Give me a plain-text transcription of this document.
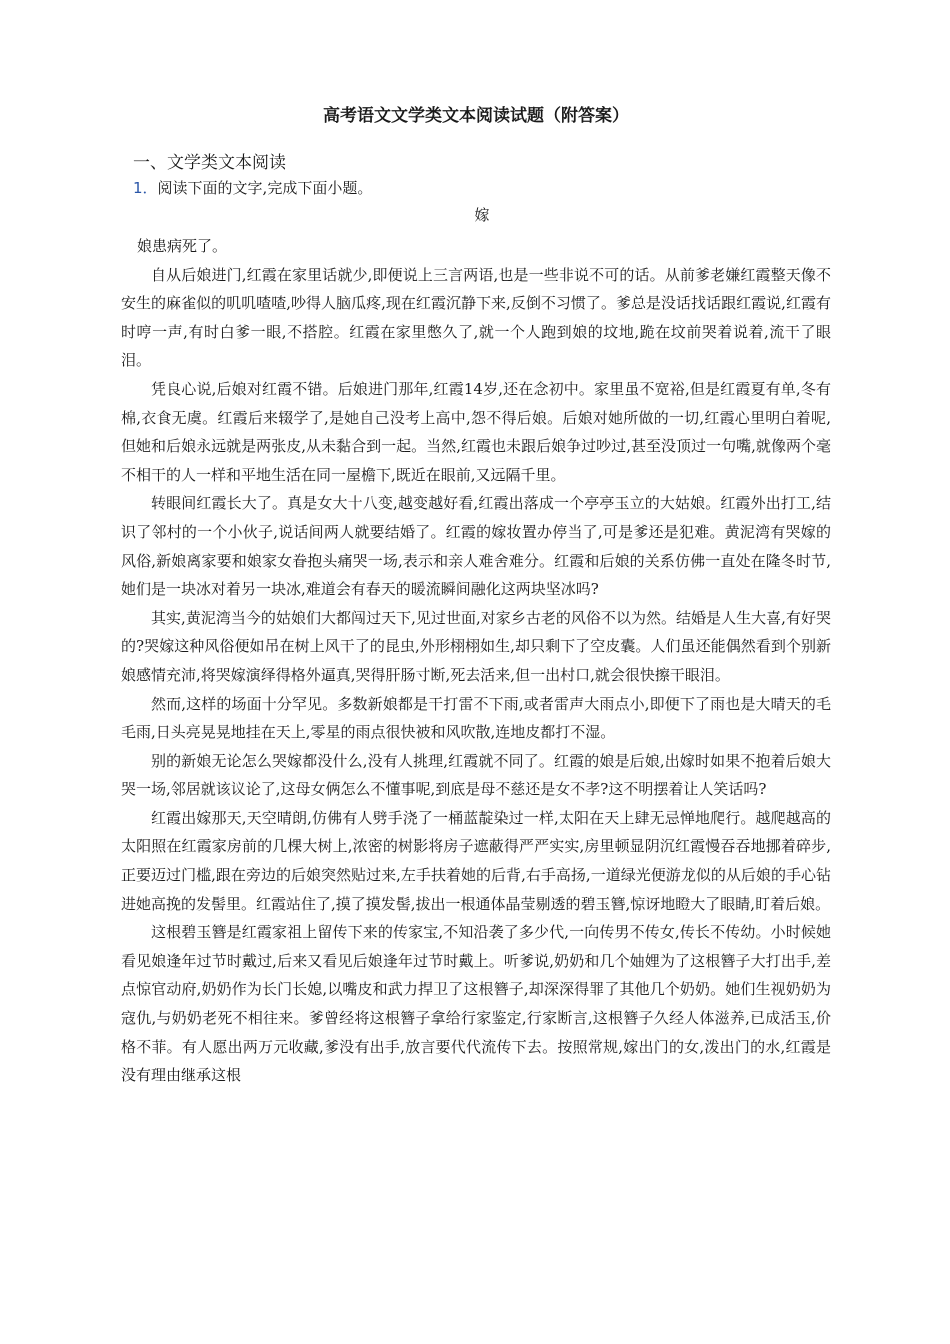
高考语文文学类文本阅读试题（附答案）
一、文学类文本阅读
1．阅读下面的文字,完成下面小题。
嫁

娘患病死了。

自从后娘进门,红霞在家里话就少,即便说上三言两语,也是一些非说不可的话。从前爹老嫌红霞整天像不安生的麻雀似的叽叽喳喳,吵得人脑瓜疼,现在红霞沉静下来,反倒不习惯了。爹总是没话找话跟红霞说,红霞有时哼一声,有时白爹一眼,不搭腔。红霞在家里憋久了,就一个人跑到娘的坟地,跪在坟前哭着说着,流干了眼泪。

凭良心说,后娘对红霞不错。后娘进门那年,红霞14岁,还在念初中。家里虽不宽裕,但是红霞夏有单,冬有棉,衣食无虞。红霞后来辍学了,是她自己没考上高中,怨不得后娘。后娘对她所做的一切,红霞心里明白着呢,但她和后娘永远就是两张皮,从未黏合到一起。当然,红霞也未跟后娘争过吵过,甚至没顶过一句嘴,就像两个毫不相干的人一样和平地生活在同一屋檐下,既近在眼前,又远隔千里。

转眼间红霞长大了。真是女大十八变,越变越好看,红霞出落成一个亭亭玉立的大姑娘。红霞外出打工,结识了邻村的一个小伙子,说话间两人就要结婚了。红霞的嫁妆置办停当了,可是爹还是犯难。黄泥湾有哭嫁的风俗,新娘离家要和娘家女眷抱头痛哭一场,表示和亲人难舍难分。红霞和后娘的关系仿佛一直处在隆冬时节,她们是一块冰对着另一块冰,难道会有春天的暖流瞬间融化这两块坚冰吗?

其实,黄泥湾当今的姑娘们大都闯过天下,见过世面,对家乡古老的风俗不以为然。结婚是人生大喜,有好哭的?哭嫁这种风俗便如吊在树上风干了的昆虫,外形栩栩如生,却只剩下了空皮囊。人们虽还能偶然看到个别新娘感情充沛,将哭嫁演绎得格外逼真,哭得肝肠寸断,死去活来,但一出村口,就会很快擦干眼泪。

然而,这样的场面十分罕见。多数新娘都是干打雷不下雨,或者雷声大雨点小,即便下了雨也是大晴天的毛毛雨,日头亮晃晃地挂在天上,零星的雨点很快被和风吹散,连地皮都打不湿。

别的新娘无论怎么哭嫁都没什么,没有人挑理,红霞就不同了。红霞的娘是后娘,出嫁时如果不抱着后娘大哭一场,邻居就该议论了,这母女俩怎么不懂事呢,到底是母不慈还是女不孝?这不明摆着让人笑话吗?

红霞出嫁那天,天空晴朗,仿佛有人劈手浇了一桶蓝靛染过一样,太阳在天上肆无忌惮地爬行。越爬越高的太阳照在红霞家房前的几棵大树上,浓密的树影将房子遮蔽得严严实实,房里顿显阴沉红霞慢吞吞地挪着碎步,正要迈过门槛,跟在旁边的后娘突然贴过来,左手扶着她的后背,右手高扬,一道绿光便游龙似的从后娘的手心钻进她高挽的发髻里。红霞站住了,摸了摸发髻,拔出一根通体晶莹剔透的碧玉簪,惊讶地瞪大了眼睛,盯着后娘。

这根碧玉簪是红霞家祖上留传下来的传家宝,不知沿袭了多少代,一向传男不传女,传长不传幼。小时候她看见娘逢年过节时戴过,后来又看见后娘逢年过节时戴上。听爹说,奶奶和几个妯娌为了这根簪子大打出手,差点惊官动府,奶奶作为长门长媳,以嘴皮和武力捍卫了这根簪子,却深深得罪了其他几个奶奶。她们生视奶奶为寇仇,与奶奶老死不相往来。爹曾经将这根簪子拿给行家鉴定,行家断言,这根簪子久经人体滋养,已成活玉,价格不菲。有人愿出两万元收藏,爹没有出手,放言要代代流传下去。按照常规,嫁出门的女,泼出门的水,红霞是没有理由继承这根
